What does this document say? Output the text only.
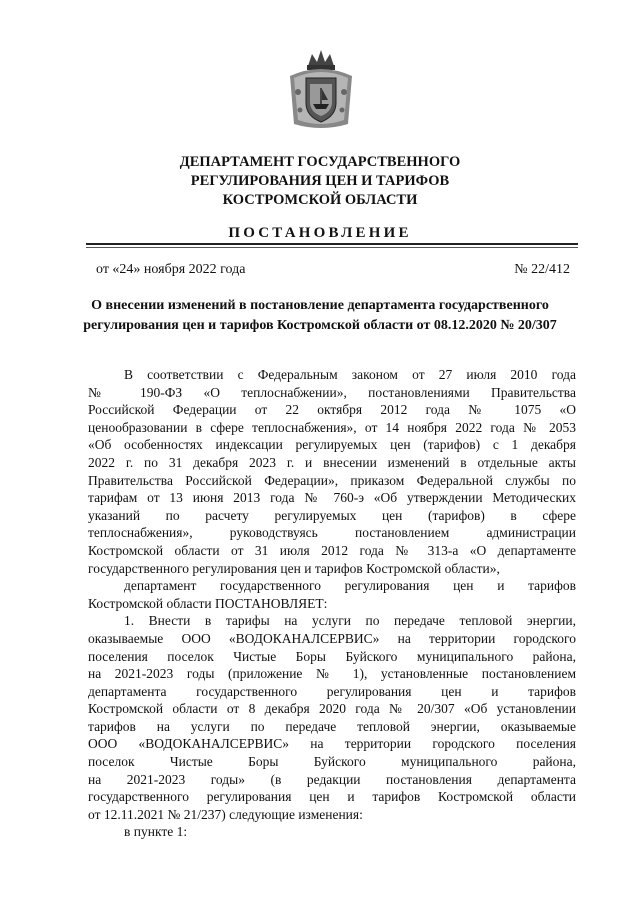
ДЕПАРТАМЕНТ ГОСУДАРСТВЕННОГО
РЕГУЛИРОВАНИЯ ЦЕН И ТАРИФОВ
КОСТРОМСКОЙ ОБЛАСТИ
ПОСТАНОВЛЕНИЕ
от «24» ноября 2022 года	№ 22/412
О внесении изменений в постановление департамента государственного
регулирования цен и тарифов Костромской области от 08.12.2020 № 20/307
В соответствии с Федеральным законом от 27 июля 2010 года
№ 190-ФЗ «О теплоснабжении», постановлениями Правительства
Российской Федерации от 22 октября 2012 года № 1075 «О
ценообразовании в сфере теплоснабжения», от 14 ноября 2022 года № 2053
«Об особенностях индексации регулируемых цен (тарифов) с 1 декабря
2022 г. по 31 декабря 2023 г. и внесении изменений в отдельные акты
Правительства Российской Федерации», приказом Федеральной службы по
тарифам от 13 июня 2013 года № 760-э «Об утверждении Методических
указаний по расчету регулируемых цен (тарифов) в сфере
теплоснабжения», руководствуясь постановлением администрации
Костромской области от 31 июля 2012 года № 313-а «О департаменте
государственного регулирования цен и тарифов Костромской области»,
департамент государственного регулирования цен и тарифов
Костромской области ПОСТАНОВЛЯЕТ:
1. Внести в тарифы на услуги по передаче тепловой энергии,
оказываемые ООО «ВОДОКАНАЛСЕРВИС» на территории городского
поселения поселок Чистые Боры Буйского муниципального района,
на 2021-2023 годы (приложение № 1), установленные постановлением
департамента государственного регулирования цен и тарифов
Костромской области от 8 декабря 2020 года № 20/307 «Об установлении
тарифов на услуги по передаче тепловой энергии, оказываемые
ООО «ВОДОКАНАЛСЕРВИС» на территории городского поселения
поселок Чистые Боры Буйского муниципального района,
на 2021-2023 годы» (в редакции постановления департамента
государственного регулирования цен и тарифов Костромской области
от 12.11.2021 № 21/237) следующие изменения:
в пункте 1:
